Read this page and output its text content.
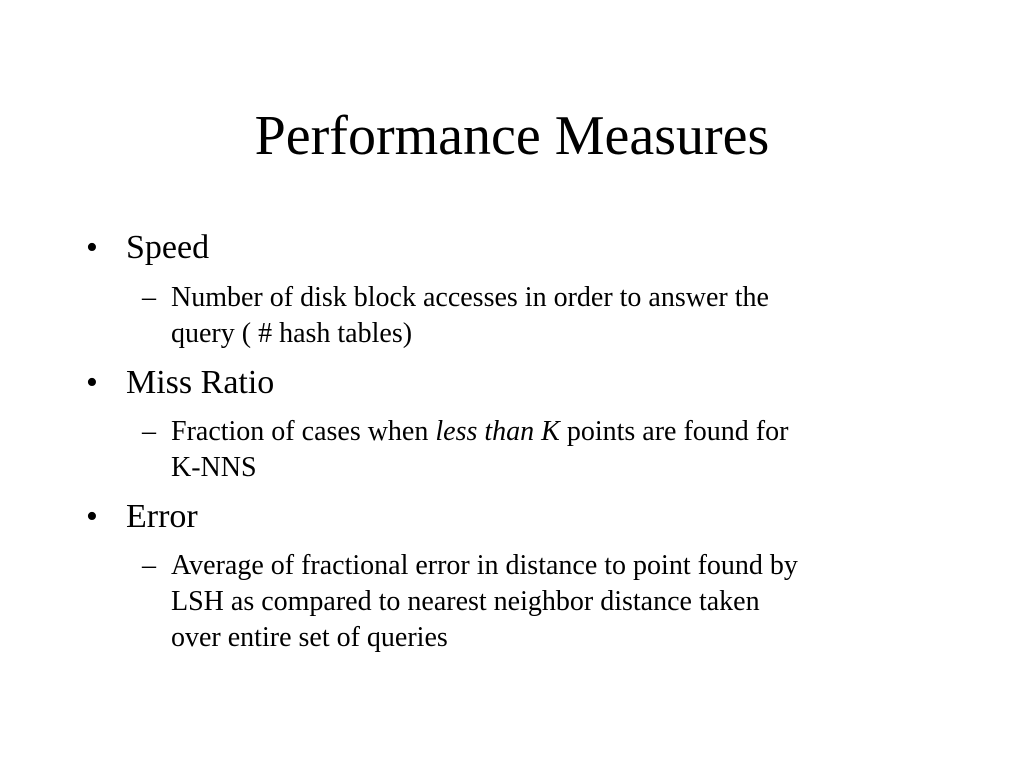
Performance Measures
• Speed
– Number of disk block accesses in order to answer the
query ( # hash tables)
• Miss Ratio
– Fraction of cases when less than K points are found for
K-NNS
• Error
– Average of fractional error in distance to point found by
LSH as compared to nearest neighbor distance taken
over entire set of queries
